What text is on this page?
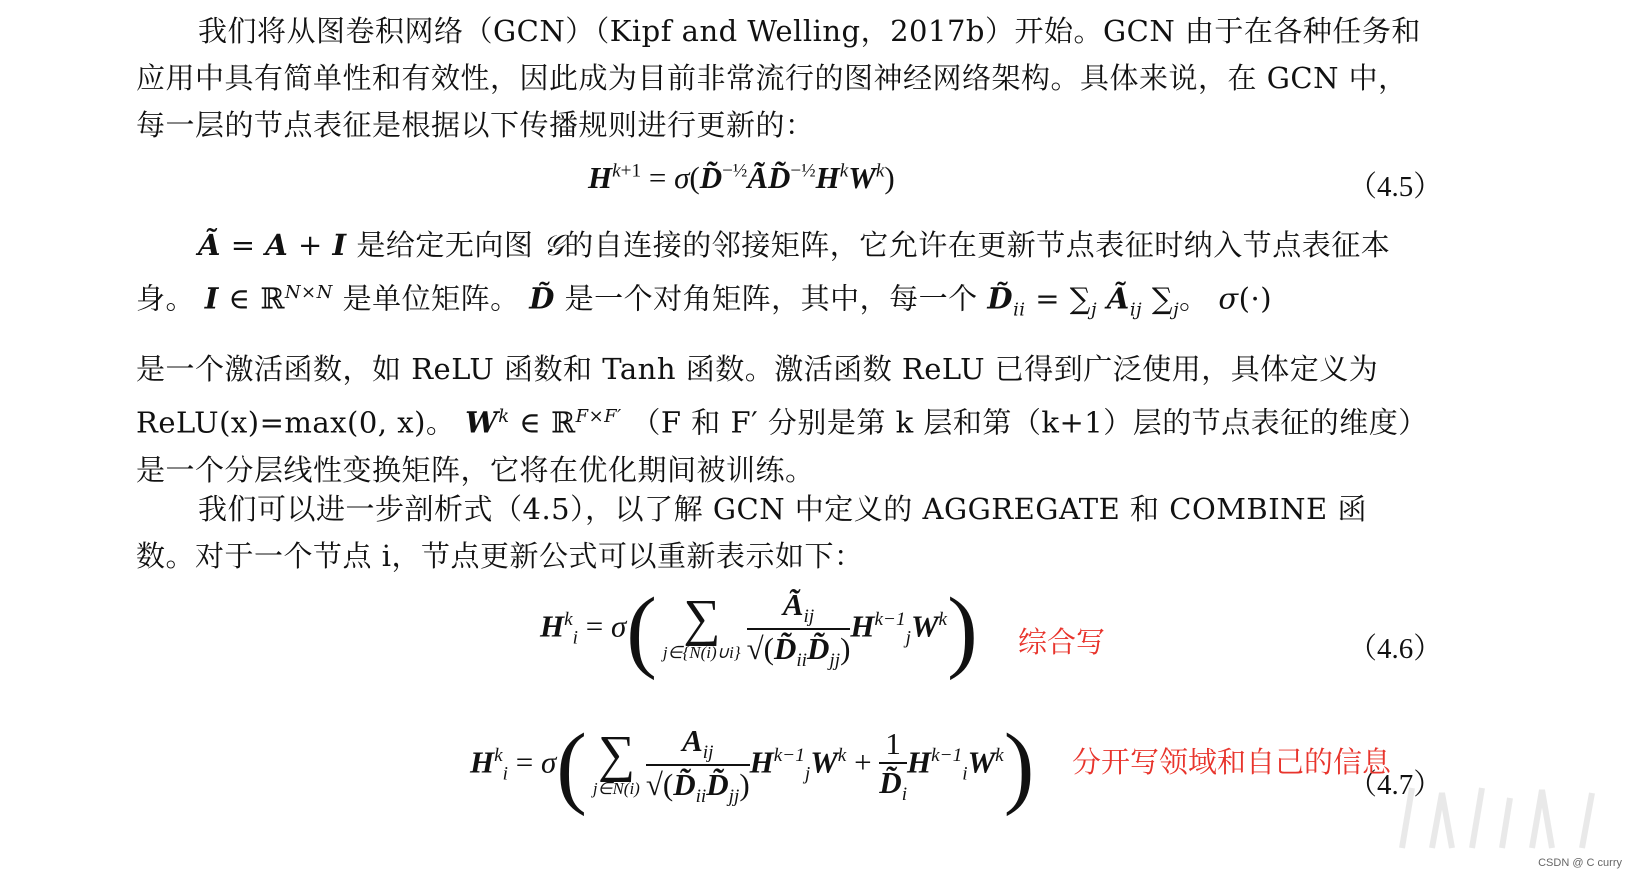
我们将从图卷积网络（GCN）（Kipf and Welling，2017b）开始。GCN 由于在各种任务和应用中具有简单性和有效性，因此成为目前非常流行的图神经网络架构。具体来说，在 GCN 中，每一层的节点表征是根据以下传播规则进行更新的：

$H^{k+1}$ = $\sigma(D̃^{-\frac{1}{2}}ÃD̃^{-\frac{1}{2}}H^kW^k)$	（4.5）

Ã = A + I 是给定无向图 𝒢的自连接的邻接矩阵，它允许在更新节点表征时纳入节点表征本身。 I ∈ ℝ$^{N\times N}$ 是单位矩阵。 D̃ 是一个对角矩阵，其中，每一个 $D̃_{ii} = \sum_j$ $Ã_{ij}$ $\sum_j$。 σ(·)

是一个激活函数，如 ReLU 函数和 Tanh 函数。激活函数 ReLU 已得到广泛使用，具体定义为 ReLU(x)=max(0, x)。 $W^k$ ∈ ℝ$^{F\times F'}$ （F 和 F′ 分别是第 k 层和第（k+1）层的节点表征的维度）是一个分层线性变换矩阵，它将在优化期间被训练。

我们可以进一步剖析式（4.5），以了解 GCN 中定义的 AGGREGATE 和 COMBINE 函数。对于一个节点 i，节点更新公式可以重新表示如下：

$H^k_i = \sigma$( ∑
j∈{N(i)∪i} $\frac{Ã_{ij}}{√(D̃_{ii}D̃_{jj})} H^{k-1}_jW^k$)	（4.6）
综合写
$H^k_i = \sigma$( ∑
j∈N(i) $\frac{A_{ij}}{√(D̃_{ii}D̃_{jj})} H^{k-1}_jW^k + \frac{1}{D̃_i} H^{k-1}_iW^k$)	（4.7）
分开写领域和自己的信息
CSDN @ C curry
